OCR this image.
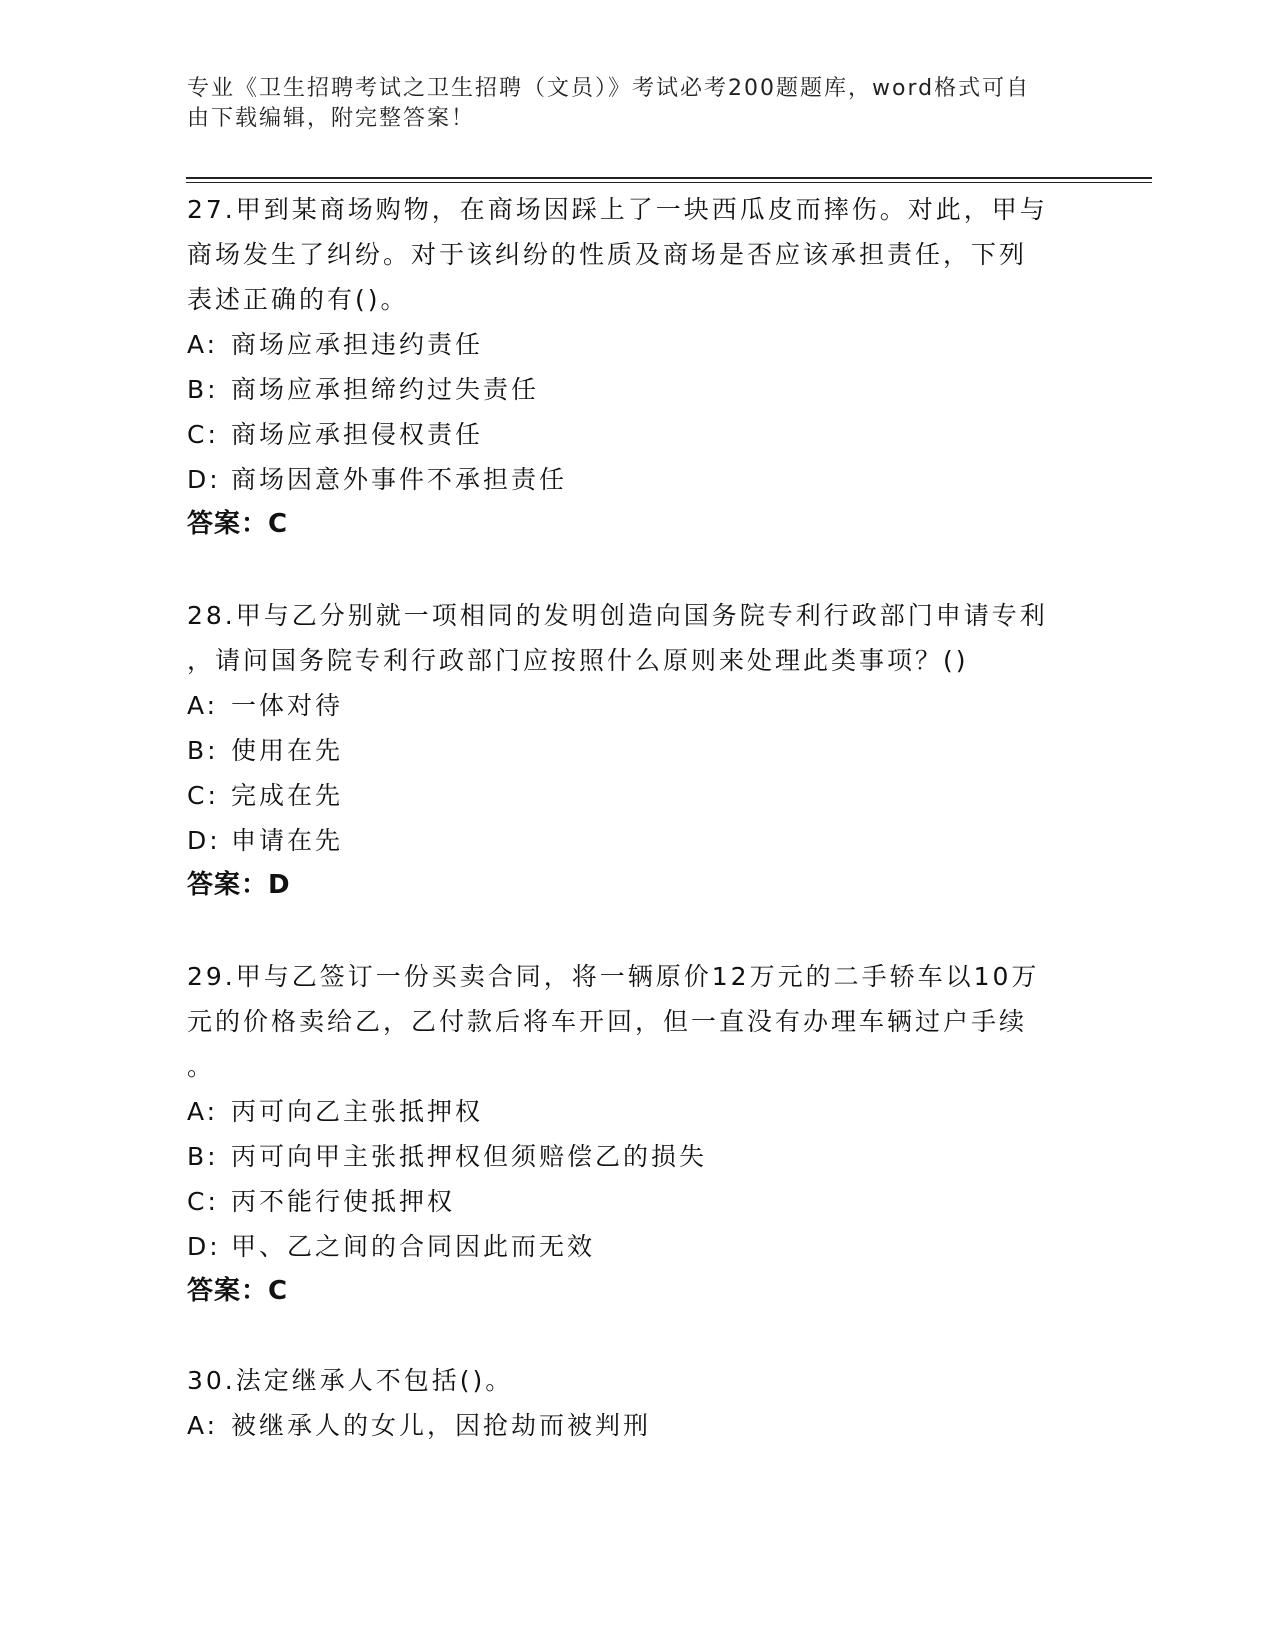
专业《卫生招聘考试之卫生招聘（文员）》考试必考200题题库，word格式可自
由下载编辑，附完整答案！
27.甲到某商场购物，在商场因踩上了一块西瓜皮而摔伤。对此，甲与
商场发生了纠纷。对于该纠纷的性质及商场是否应该承担责任，下列
表述正确的有()。
A: 商场应承担违约责任
B: 商场应承担缔约过失责任
C: 商场应承担侵权责任
D: 商场因意外事件不承担责任
答案：C
28.甲与乙分别就一项相同的发明创造向国务院专利行政部门申请专利
，请问国务院专利行政部门应按照什么原则来处理此类事项？()
A: 一体对待
B: 使用在先
C: 完成在先
D: 申请在先
答案：D
29.甲与乙签订一份买卖合同，将一辆原价12万元的二手轿车以10万
元的价格卖给乙，乙付款后将车开回，但一直没有办理车辆过户手续
。
A: 丙可向乙主张抵押权
B: 丙可向甲主张抵押权但须赔偿乙的损失
C: 丙不能行使抵押权
D: 甲、乙之间的合同因此而无效
答案：C
30.法定继承人不包括()。
A: 被继承人的女儿，因抢劫而被判刑
